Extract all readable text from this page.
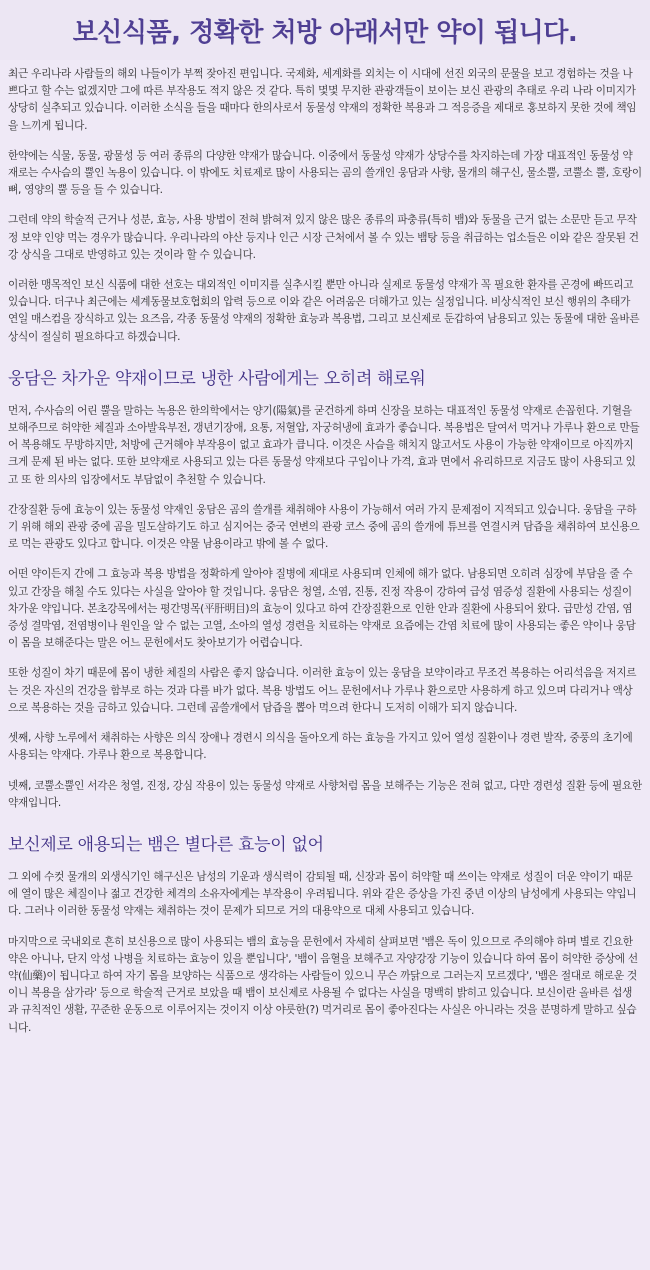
보신식품, 정확한 처방 아래서만 약이 됩니다.

최근 우리나라 사람들의 해외 나들이가 부쩍 잦아진 편입니다. 국제화, 세계화를 외치는 이 시대에 선진 외국의 문물을 보고 경험하는 것을 나쁘다고 할 수는 없겠지만 그에 따른 부작용도 적지 않은 것 같다. 특히 몇몇 무지한 관광객들이 보이는 보신 관광의 추태로 우리 나라 이미지가 상당히 실추되고 있습니다. 이러한 소식을 들을 때마다 한의사로서 동물성 약재의 정확한 복용과 그 적응증을 제대로 홍보하지 못한 것에 책임을 느끼게 됩니다.

한약에는 식물, 동물, 광물성 등 여러 종류의 다양한 약재가 많습니다. 이중에서 동물성 약재가 상당수를 차지하는데 가장 대표적인 동물성 약재로는 수사슴의 뿔인 녹용이 있습니다. 이 밖에도 치료제로 많이 사용되는 곰의 쓸개인 웅담과 사향, 물개의 해구신, 물소뿔, 코뿔소 뿔, 호랑이뼈, 영양의 뿔 등을 들 수 있습니다.

그런데 약의 학술적 근거나 성분, 효능, 사용 방법이 전혀 밝혀져 있지 않은 많은 종류의 파충류(특히 뱀)와 동물을 근거 없는 소문만 듣고 무작정 보약 인양 먹는 경우가 많습니다. 우리나라의 야산 등지나 인근 시장 근처에서 볼 수 있는 뱀탕 등을 취급하는 업소들은 이와 같은 잘못된 건강 상식을 그대로 반영하고 있는 것이라 할 수 있습니다.

이러한 맹목적인 보신 식품에 대한 선호는 대외적인 이미지를 실추시킬 뿐만 아니라 실제로 동물성 약재가 꼭 필요한 환자를 곤경에 빠뜨리고 있습니다. 더구나 최근에는 세계동물보호협회의 압력 등으로 이와 같은 어려움은 더해가고 있는 실정입니다. 비상식적인 보신 행위의 추태가 연일 매스컴을 장식하고 있는 요즈음, 각종 동물성 약재의 정확한 효능과 복용법, 그리고 보신제로 둔갑하여 남용되고 있는 동물에 대한 올바른 상식이 절실히 필요하다고 하겠습니다.

웅담은 차가운 약재이므로 냉한 사람에게는 오히려 해로워

먼저, 수사슴의 어린 뿔을 말하는 녹용은 한의학에서는 양기(陽氣)를 굳건하게 하며 신장을 보하는 대표적인 동물성 약재로 손꼽힌다. 기혈을 보해주므로 허약한 체질과 소아발육부전, 갱년기장애, 요통, 저혈압, 자궁허냉에 효과가 좋습니다. 복용법은 달여서 먹거나 가루나 환으로 만들어 복용해도 무방하지만, 처방에 근거해야 부작용이 없고 효과가 큽니다. 이것은 사슴을 해치지 않고서도 사용이 가능한 약재이므로 아직까지 크게 문제 된 바는 없다. 또한 보약재로 사용되고 있는 다른 동물성 약재보다 구입이나 가격, 효과 면에서 유리하므로 지금도 많이 사용되고 있고 또 한 의사의 입장에서도 부담없이 추천할 수 있습니다.

간장질환 등에 효능이 있는 동물성 약재인 웅담은 곰의 쓸개를 채취해야 사용이 가능해서 여러 가지 문제점이 지적되고 있습니다. 웅담을 구하기 위해 해외 관광 중에 곰을 밀도살하기도 하고 심지어는 중국 연변의 관광 코스 중에 곰의 쓸개에 튜브를 연결시켜 담즙을 채취하여 보신용으로 먹는 관광도 있다고 합니다. 이것은 약물 남용이라고 밖에 볼 수 없다.

어떤 약이든지 간에 그 효능과 복용 방법을 정확하게 알아야 질병에 제대로 사용되며 인체에 해가 없다. 남용되면 오히려 심장에 부담을 줄 수 있고 간장을 해칠 수도 있다는 사실을 알아야 할 것입니다. 웅담은 청열, 소염, 진통, 진정 작용이 강하여 급성 염증성 질환에 사용되는 성질이 차가운 약입니다. 본초강목에서는 평간명목(平肝明目)의 효능이 있다고 하여 간장질환으로 인한 안과 질환에 사용되어 왔다. 급만성 간염, 염증성 결막염, 전염병이나 원인을 알 수 없는 고열, 소아의 열성 경련을 치료하는 약재로 요즘에는 간염 치료에 많이 사용되는 좋은 약이나 웅담이 몸을 보해준다는 말은 어느 문헌에서도 찾아보기가 어렵습니다.

또한 성질이 차기 때문에 몸이 냉한 체질의 사람은 좋지 않습니다. 이러한 효능이 있는 웅담을 보약이라고 무조건 복용하는 어리석음을 저지르는 것은 자신의 건강을 함부로 하는 것과 다를 바가 없다. 복용 방법도 어느 문헌에서나 가루나 환으로만 사용하게 하고 있으며 다리거나 액상으로 복용하는 것을 금하고 있습니다. 그런데 곰쓸개에서 담즙을 뽑아 먹으려 한다니 도저히 이해가 되지 않습니다.

셋째, 사향 노루에서 채취하는 사향은 의식 장애나 경련시 의식을 돌아오게 하는 효능을 가지고 있어 열성 질환이나 경련 발작, 중풍의 초기에 사용되는 약재다. 가루나 환으로 복용합니다.

넷째, 코뿔소뿔인 서각은 청열, 진정, 강심 작용이 있는 동물성 약재로 사향처럼 몸을 보해주는 기능은 전혀 없고, 다만 경련성 질환 등에 필요한 약재입니다.

보신제로 애용되는 뱀은 별다른 효능이 없어

그 외에 수컷 물개의 외생식기인 해구신은 남성의 기운과 생식력이 감퇴될 때, 신장과 몸이 허약할 때 쓰이는 약재로 성질이 더운 약이기 때문에 열이 많은 체질이나 젊고 건강한 체격의 소유자에게는 부작용이 우려됩니다. 위와 같은 증상을 가진 중년 이상의 남성에게 사용되는 약입니다. 그러나 이러한 동물성 약재는 채취하는 것이 문제가 되므로 거의 대용약으로 대체 사용되고 있습니다.

마지막으로 국내외로 흔히 보신용으로 많이 사용되는 뱀의 효능을 문헌에서 자세히 살펴보면 '뱀은 독이 있으므로 주의해야 하며 별로 긴요한 약은 아니나, 단지 악성 나병을 치료하는 효능이 있을 뿐입니다', '뱀이 음혈을 보해주고 자양강장 기능이 있습니다 하여 몸이 허약한 증상에 선약(仙藥)이 됩니다고 하여 자기 몸을 보양하는 식품으로 생각하는 사람들이 있으니 무슨 까닭으로 그러는지 모르겠다', '뱀은 절대로 해로운 것이니 복용을 삼가라' 등으로 학술적 근거로 보았을 때 뱀이 보신제로 사용될 수 없다는 사실을 명백히 밝히고 있습니다. 보신이란 올바른 섭생과 규칙적인 생활, 꾸준한 운동으로 이루어지는 것이지 이상 야릇한(?) 먹거리로 몸이 좋아진다는 사실은 아니라는 것을 분명하게 말하고 싶습니다.
